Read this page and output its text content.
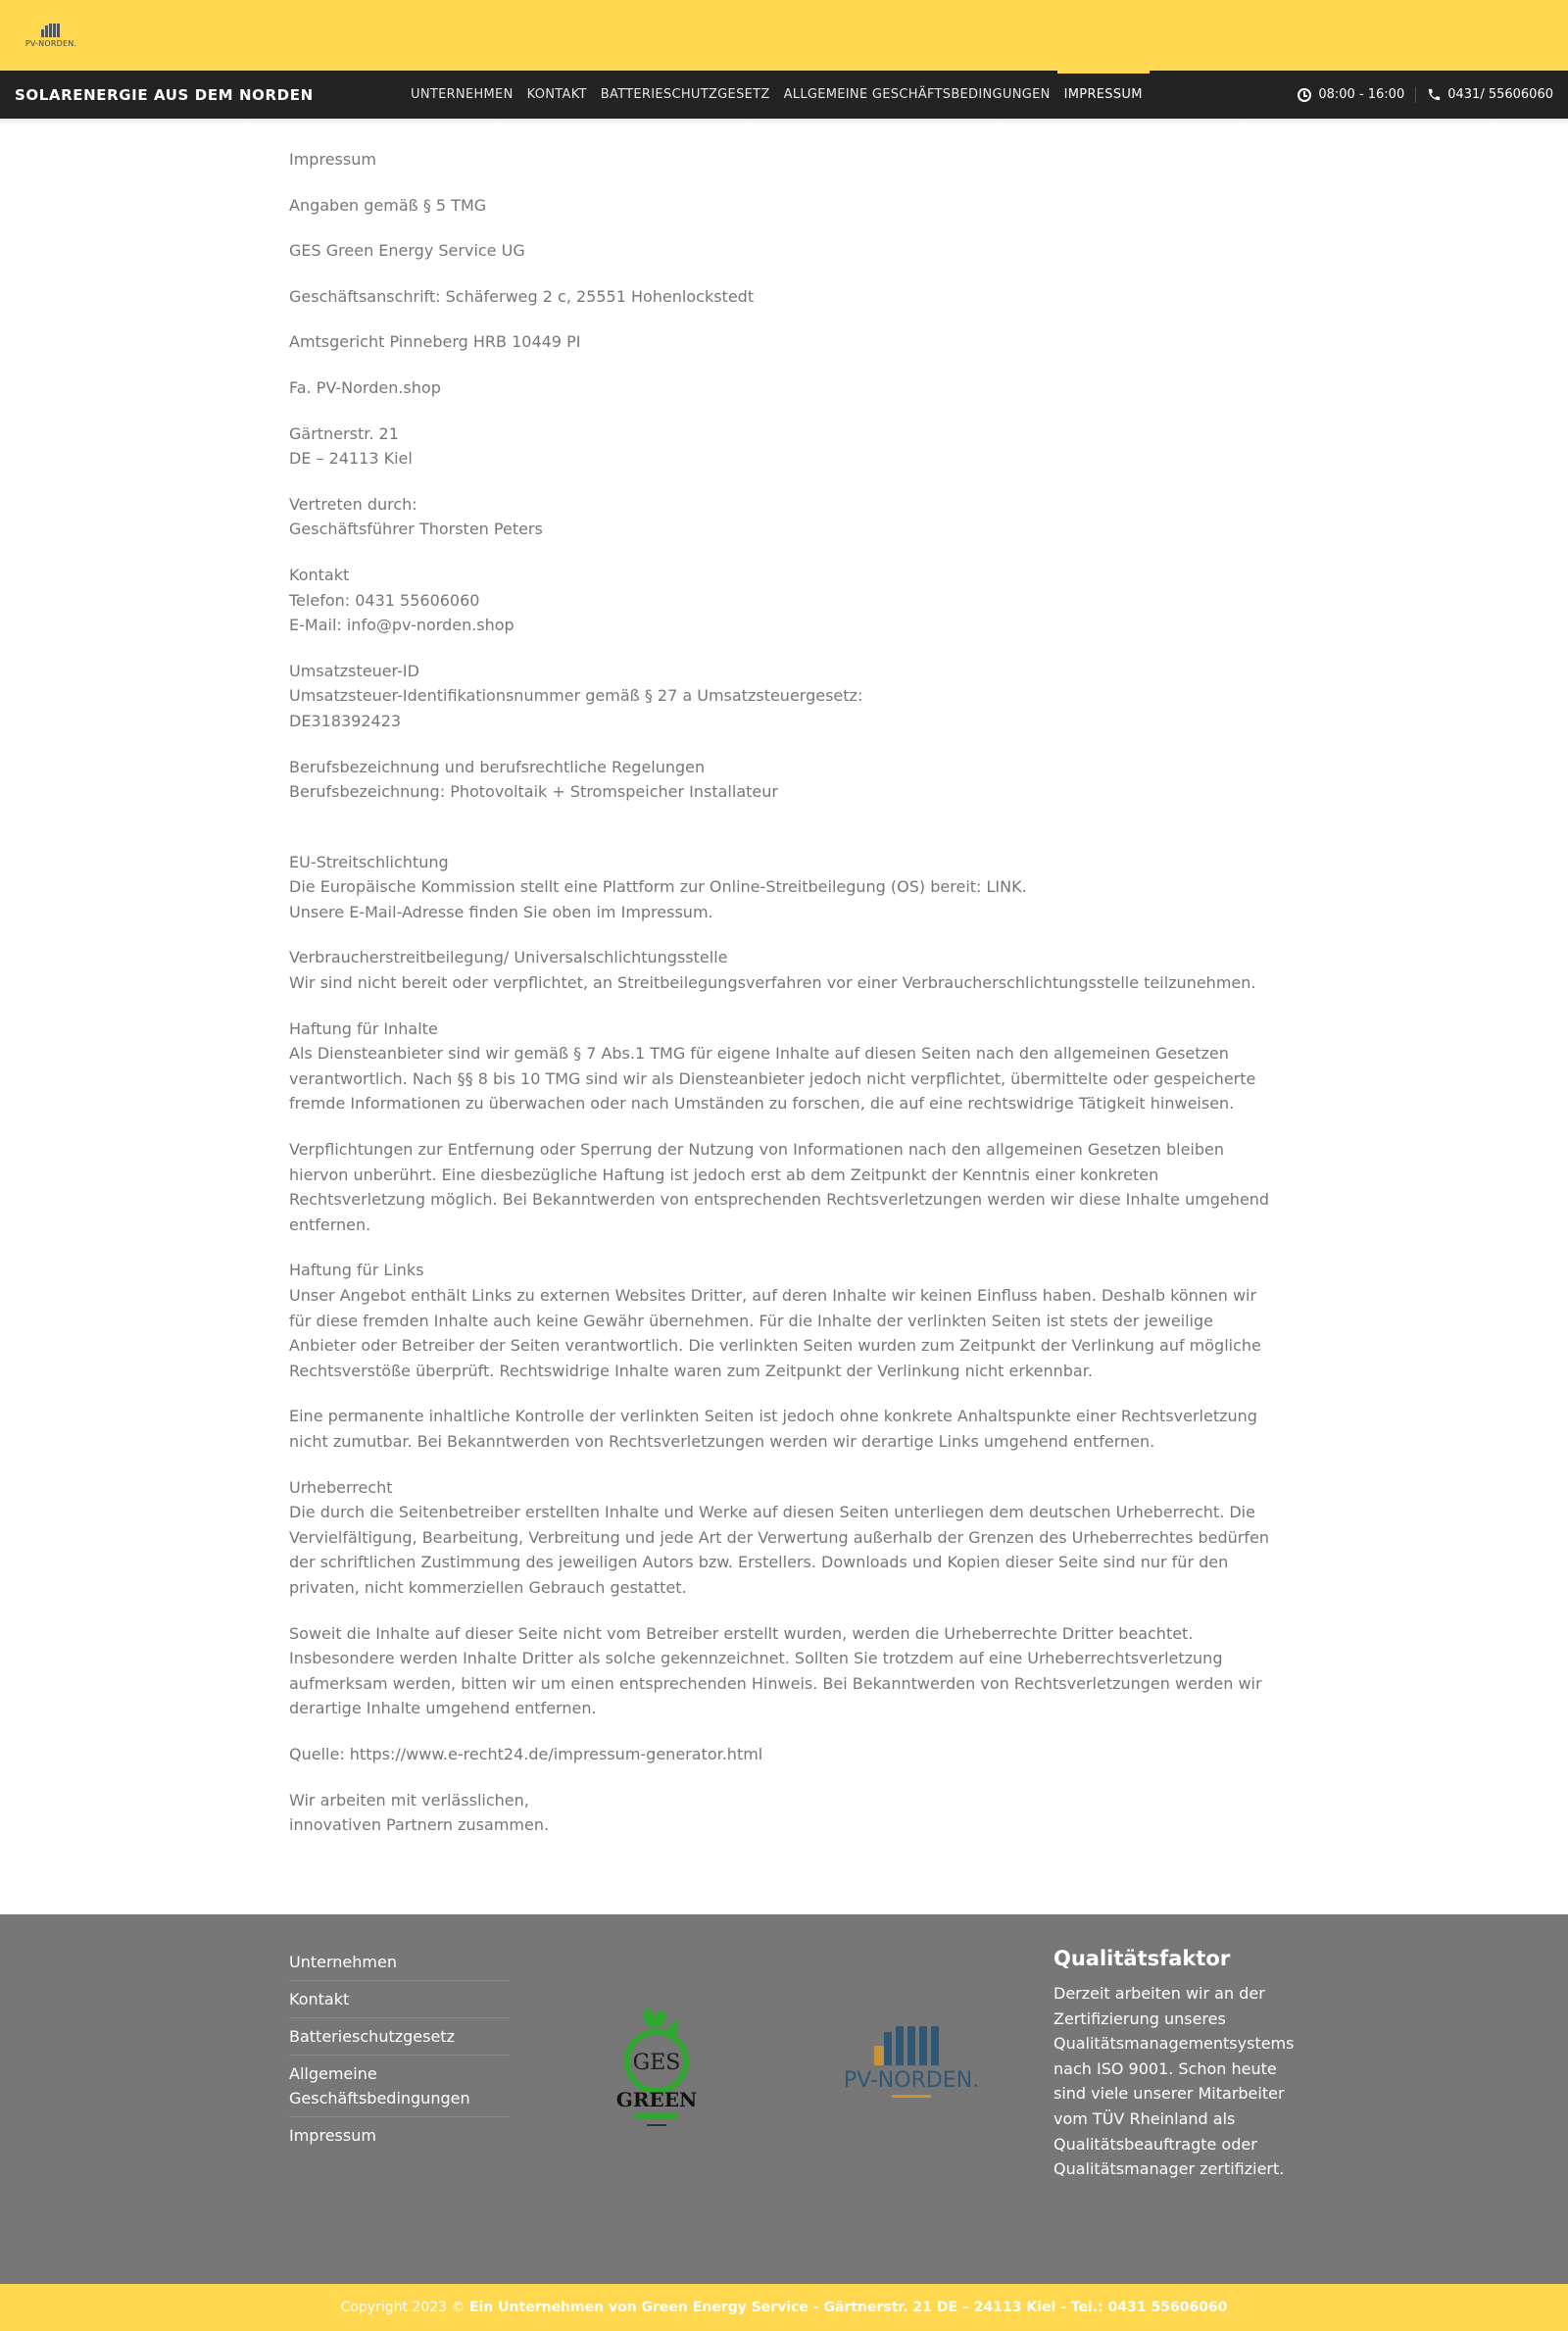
PV-NORDEN.
SOLARENERGIE AUS DEM NORDEN	UNTERNEHMEN	KONTAKT	BATTERIESCHUTZGESETZ	ALLGEMEINE GESCHÄFTSBEDINGUNGEN	IMPRESSUM	08:00 - 16:00	0431/ 55606060

Impressum

Angaben gemäß § 5 TMG

GES Green Energy Service UG

Geschäftsanschrift: Schäferweg 2 c, 25551 Hohenlockstedt

Amtsgericht Pinneberg HRB 10449 PI

Fa. PV-Norden.shop

Gärtnerstr. 21
DE – 24113 Kiel

Vertreten durch:
Geschäftsführer Thorsten Peters

Kontakt
Telefon: 0431 55606060
E-Mail: info@pv-norden.shop

Umsatzsteuer-ID
Umsatzsteuer-Identifikationsnummer gemäß § 27 a Umsatzsteuergesetz:
DE318392423

Berufsbezeichnung und berufsrechtliche Regelungen
Berufsbezeichnung: Photovoltaik + Stromspeicher Installateur

EU-Streitschlichtung
Die Europäische Kommission stellt eine Plattform zur Online-Streitbeilegung (OS) bereit: LINK.
Unsere E-Mail-Adresse finden Sie oben im Impressum.

Verbraucherstreitbeilegung/ Universalschlichtungsstelle
Wir sind nicht bereit oder verpflichtet, an Streitbeilegungsverfahren vor einer Verbraucherschlichtungsstelle teilzunehmen.

Haftung für Inhalte
Als Diensteanbieter sind wir gemäß § 7 Abs.1 TMG für eigene Inhalte auf diesen Seiten nach den allgemeinen Gesetzen verantwortlich. Nach §§ 8 bis 10 TMG sind wir als Diensteanbieter jedoch nicht verpflichtet, übermittelte oder gespeicherte fremde Informationen zu überwachen oder nach Umständen zu forschen, die auf eine rechtswidrige Tätigkeit hinweisen.

Verpflichtungen zur Entfernung oder Sperrung der Nutzung von Informationen nach den allgemeinen Gesetzen bleiben hiervon unberührt. Eine diesbezügliche Haftung ist jedoch erst ab dem Zeitpunkt der Kenntnis einer konkreten Rechtsverletzung möglich. Bei Bekanntwerden von entsprechenden Rechtsverletzungen werden wir diese Inhalte umgehend entfernen.

Haftung für Links
Unser Angebot enthält Links zu externen Websites Dritter, auf deren Inhalte wir keinen Einfluss haben. Deshalb können wir für diese fremden Inhalte auch keine Gewähr übernehmen. Für die Inhalte der verlinkten Seiten ist stets der jeweilige Anbieter oder Betreiber der Seiten verantwortlich. Die verlinkten Seiten wurden zum Zeitpunkt der Verlinkung auf mögliche Rechtsverstöße überprüft. Rechtswidrige Inhalte waren zum Zeitpunkt der Verlinkung nicht erkennbar.

Eine permanente inhaltliche Kontrolle der verlinkten Seiten ist jedoch ohne konkrete Anhaltspunkte einer Rechtsverletzung nicht zumutbar. Bei Bekanntwerden von Rechtsverletzungen werden wir derartige Links umgehend entfernen.

Urheberrecht
Die durch die Seitenbetreiber erstellten Inhalte und Werke auf diesen Seiten unterliegen dem deutschen Urheberrecht. Die Vervielfältigung, Bearbeitung, Verbreitung und jede Art der Verwertung außerhalb der Grenzen des Urheberrechtes bedürfen der schriftlichen Zustimmung des jeweiligen Autors bzw. Erstellers. Downloads und Kopien dieser Seite sind nur für den privaten, nicht kommerziellen Gebrauch gestattet.

Soweit die Inhalte auf dieser Seite nicht vom Betreiber erstellt wurden, werden die Urheberrechte Dritter beachtet. Insbesondere werden Inhalte Dritter als solche gekennzeichnet. Sollten Sie trotzdem auf eine Urheberrechtsverletzung aufmerksam werden, bitten wir um einen entsprechenden Hinweis. Bei Bekanntwerden von Rechtsverletzungen werden wir derartige Inhalte umgehend entfernen.

Quelle: https://www.e-recht24.de/impressum-generator.html

Wir arbeiten mit verlässlichen,
innovativen Partnern zusammen.

Unternehmen
Kontakt
Batterieschutzgesetz
Allgemeine Geschäftsbedingungen
Impressum
GES
GREEN
PV-NORDEN.
Qualitätsfaktor

Derzeit arbeiten wir an der Zertifizierung unseres Qualitätsmanagementsystems nach ISO 9001. Schon heute sind viele unserer Mitarbeiter vom TÜV Rheinland als Qualitätsbeauftragte oder Qualitätsmanager zertifiziert.

Copyright 2023 © Ein Unternehmen von Green Energy Service - Gärtnerstr. 21 DE – 24113 Kiel - Tel.: 0431 55606060
